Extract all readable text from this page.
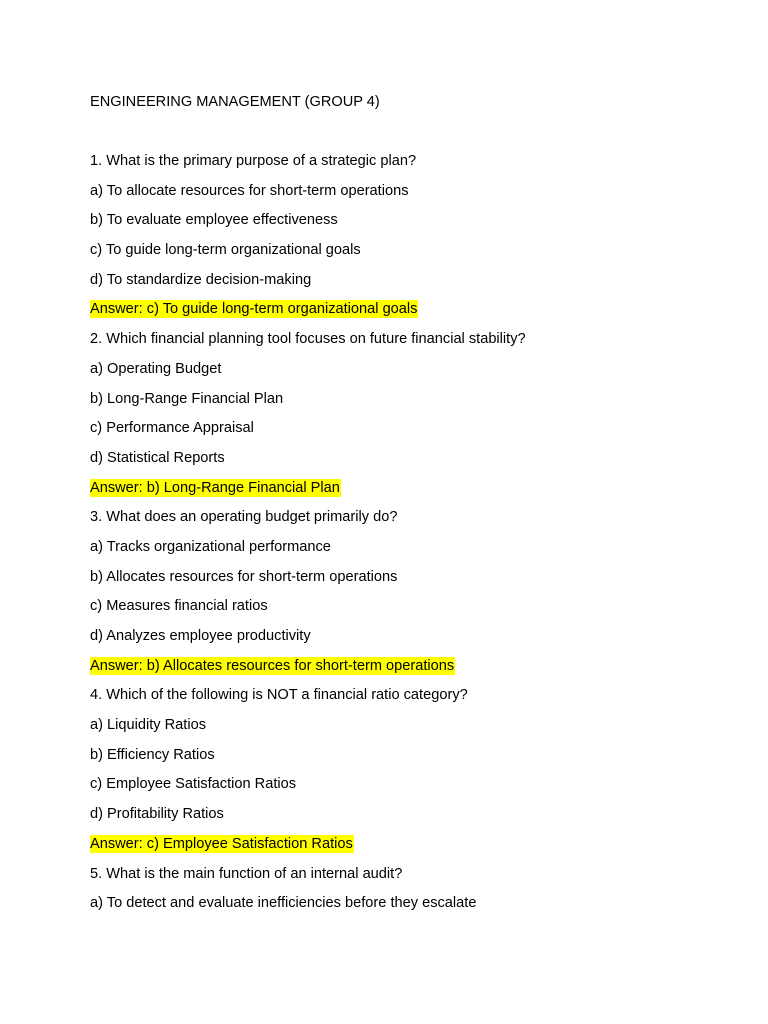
ENGINEERING MANAGEMENT (GROUP 4)

1. What is the primary purpose of a strategic plan?

a) To allocate resources for short-term operations

b) To evaluate employee effectiveness

c) To guide long-term organizational goals

d) To standardize decision-making

Answer: c) To guide long-term organizational goals

2. Which financial planning tool focuses on future financial stability?

a) Operating Budget

b) Long-Range Financial Plan

c) Performance Appraisal

d) Statistical Reports

Answer: b) Long-Range Financial Plan

3. What does an operating budget primarily do?

a) Tracks organizational performance

b) Allocates resources for short-term operations

c) Measures financial ratios

d) Analyzes employee productivity

Answer: b) Allocates resources for short-term operations

4. Which of the following is NOT a financial ratio category?

a) Liquidity Ratios

b) Efficiency Ratios

c) Employee Satisfaction Ratios

d) Profitability Ratios

Answer: c) Employee Satisfaction Ratios

5. What is the main function of an internal audit?

a) To detect and evaluate inefficiencies before they escalate
